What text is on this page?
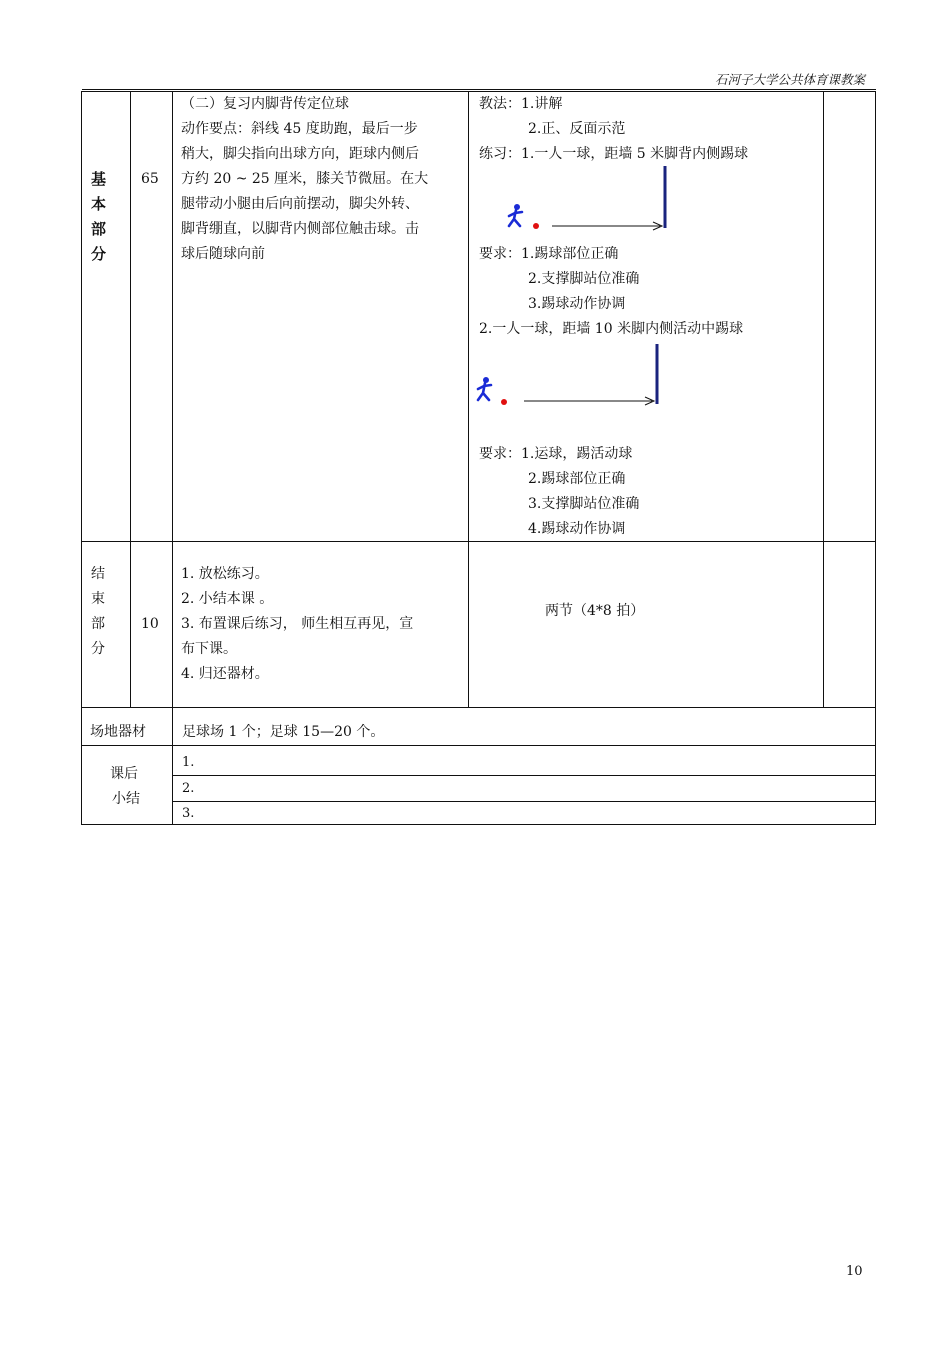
石河子大学公共体育课教案
基
本
部
分
65
（二）复习内脚背传定位球
动作要点：斜线 45 度助跑，最后一步
稍大，脚尖指向出球方向，距球内侧后
方约 20 ~ 25 厘米，膝关节微屈。在大
腿带动小腿由后向前摆动，脚尖外转、
脚背绷直，以脚背内侧部位触击球。击
球后随球向前
教法：1.讲解
2.正、反面示范
练习：1.一人一球，距墙 5 米脚背内侧踢球
要求：1.踢球部位正确
2.支撑脚站位准确
3.踢球动作协调
2.一人一球，距墙 10 米脚内侧活动中踢球
要求：1.运球，踢活动球
2.踢球部位正确
3.支撑脚站位准确
4.踢球动作协调
结
束
部
分
10
1. 放松练习。
2. 小结本课 。
3. 布置课后练习， 师生相互再见，宣
布下课。
4. 归还器材。
两节（4*8 拍）
场地器材	足球场 1 个；足球 15—20 个。
课后
小结
1.
2.
3.
10
